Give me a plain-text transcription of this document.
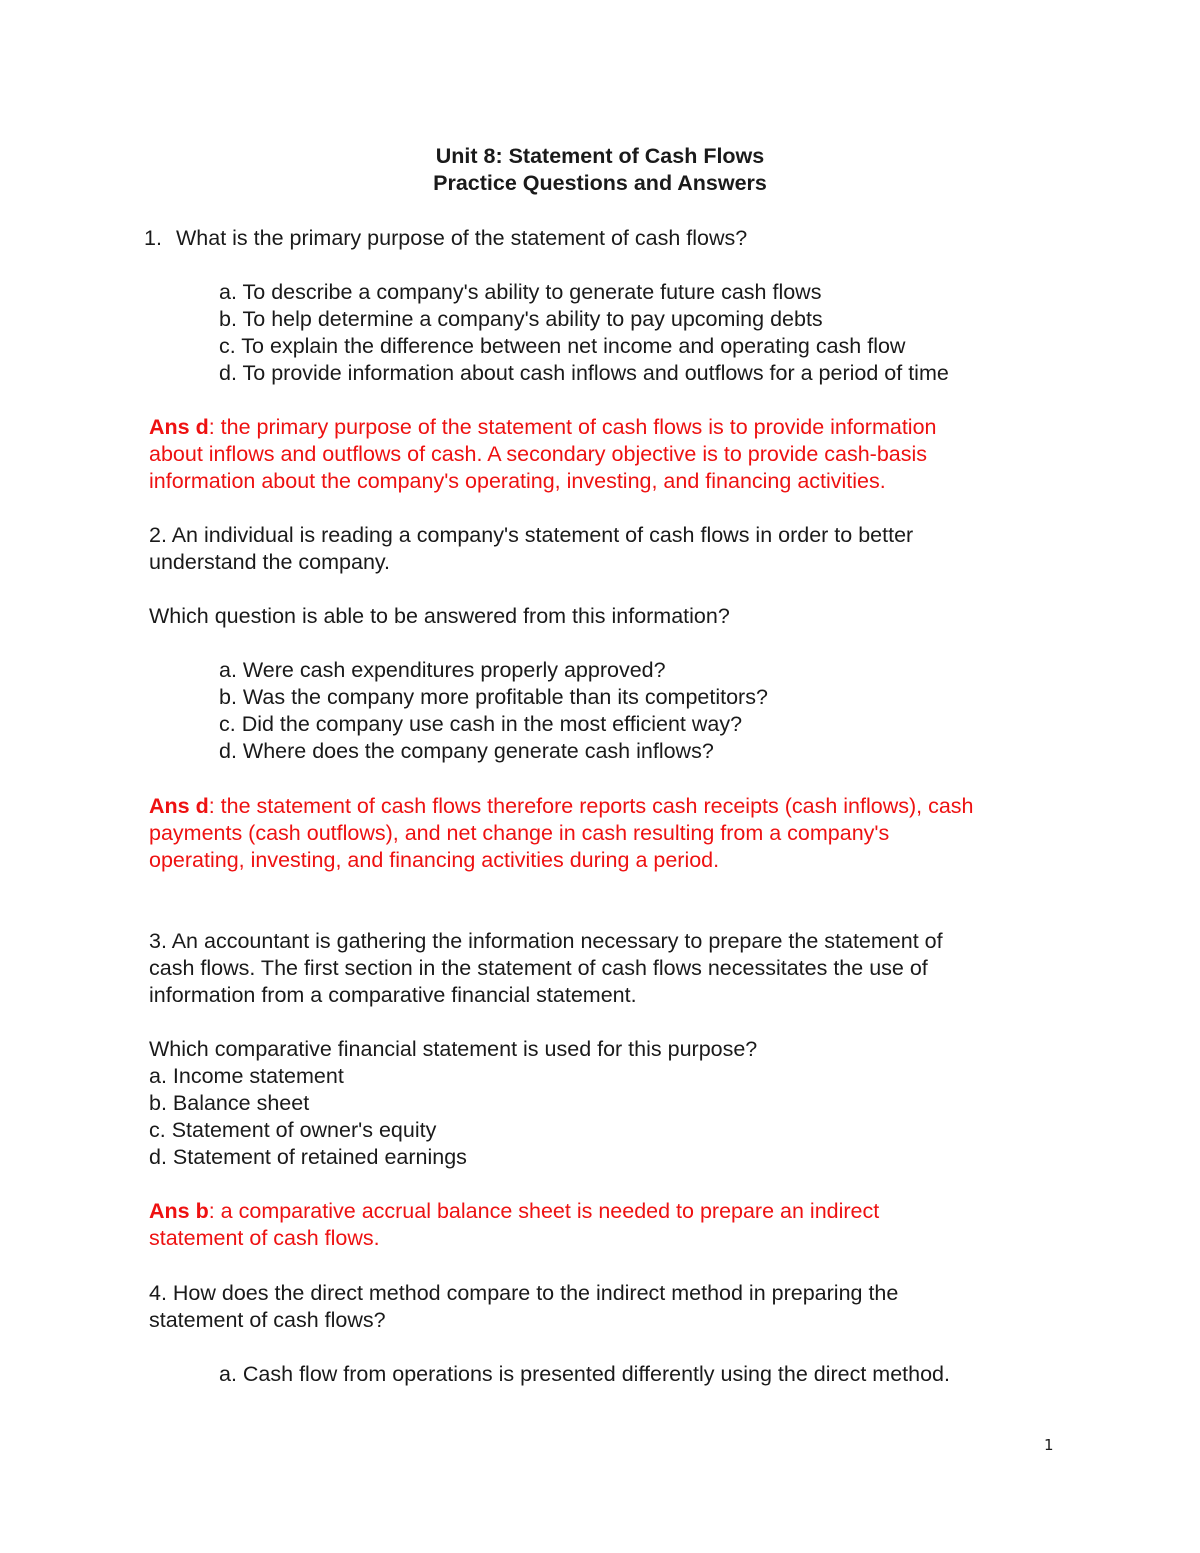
Unit 8: Statement of Cash Flows

Practice Questions and Answers

1. What is the primary purpose of the statement of cash flows?

a. To describe a company's ability to generate future cash flows

b. To help determine a company's ability to pay upcoming debts

c. To explain the difference between net income and operating cash flow

d. To provide information about cash inflows and outflows for a period of time

Ans d: the primary purpose of the statement of cash flows is to provide information

about inflows and outflows of cash. A secondary objective is to provide cash-basis

information about the company's operating, investing, and financing activities.

2. An individual is reading a company's statement of cash flows in order to better

understand the company.

Which question is able to be answered from this information?

a. Were cash expenditures properly approved?

b. Was the company more profitable than its competitors?

c. Did the company use cash in the most efficient way?

d. Where does the company generate cash inflows?

Ans d: the statement of cash flows therefore reports cash receipts (cash inflows), cash

payments (cash outflows), and net change in cash resulting from a company's

operating, investing, and financing activities during a period.

3. An accountant is gathering the information necessary to prepare the statement of

cash flows. The first section in the statement of cash flows necessitates the use of

information from a comparative financial statement.

Which comparative financial statement is used for this purpose?

a. Income statement

b. Balance sheet

c. Statement of owner's equity

d. Statement of retained earnings

Ans b: a comparative accrual balance sheet is needed to prepare an indirect

statement of cash flows.

4. How does the direct method compare to the indirect method in preparing the

statement of cash flows?

a. Cash flow from operations is presented differently using the direct method.

1
